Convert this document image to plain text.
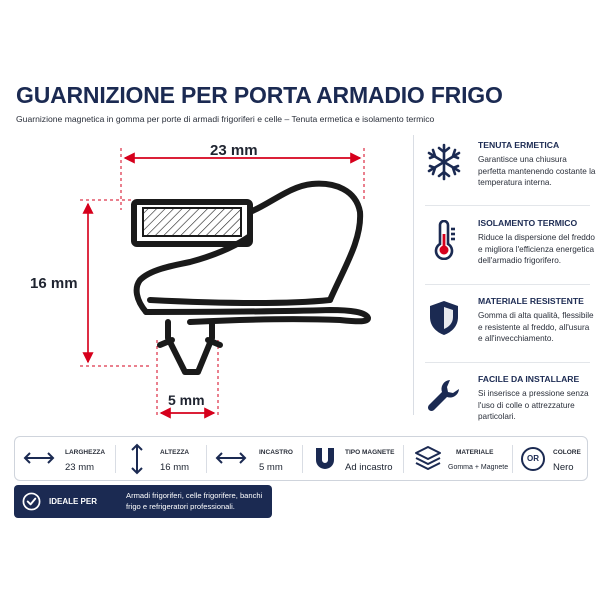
GUARNIZIONE PER PORTA ARMADIO FRIGO
Guarnizione magnetica in gomma per porte di armadi frigoriferi e celle – Tenuta ermetica e isolamento termico
23 mm
16 mm
5 mm
TENUTA ERMETICA
Garantisce una chiusura perfetta mantenendo costante la temperatura interna.
ISOLAMENTO TERMICO
Riduce la dispersione del freddo e migliora l'efficienza energetica dell'armadio frigorifero.
MATERIALE RESISTENTE
Gomma di alta qualità, flessibile e resistente al freddo, all'usura e all'invecchiamento.
FACILE DA INSTALLARE
Si inserisce a pressione senza l'uso di colle o attrezzature particolari.
LARGHEZZA
23 mm
ALTEZZA
16 mm
INCASTRO
5 mm
TIPO MAGNETE
Ad incastro
MATERIALE
Gomma + Magnete
OR
COLORE
Nero
IDEALE PER
Armadi frigoriferi, celle frigorifere, banchi frigo e refrigeratori professionali.
